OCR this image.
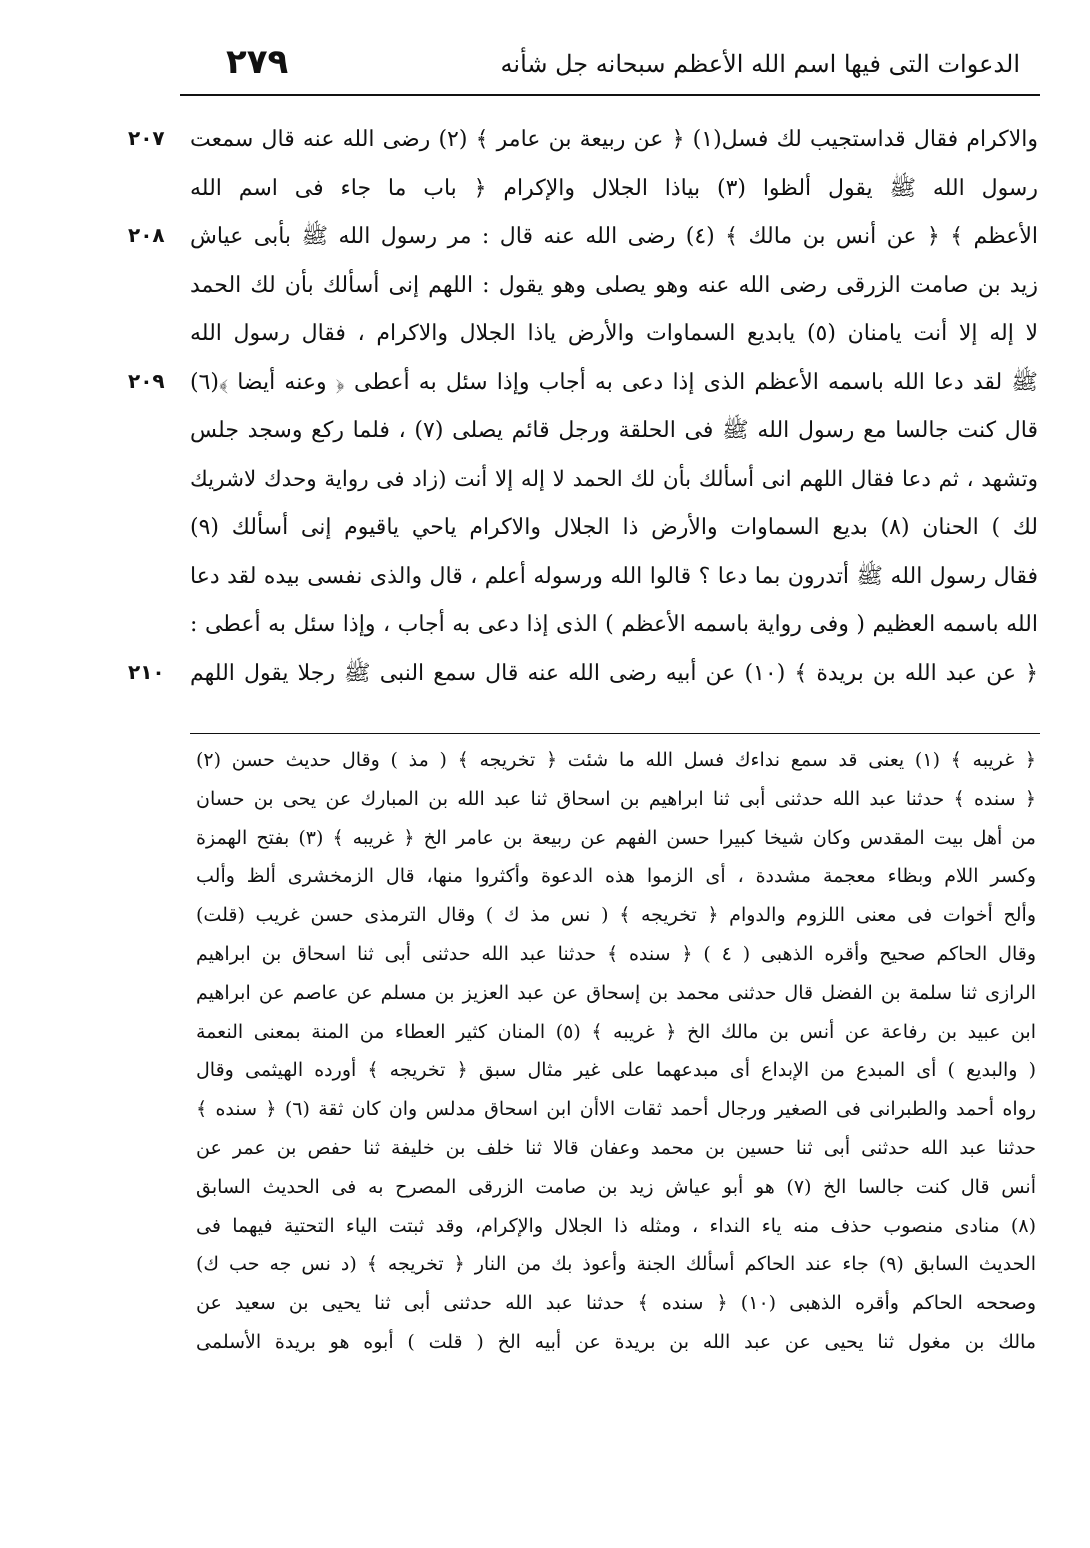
٢٧٩	الدعوات التى فيها اسم الله الأعظم سبحانه جل شأنه
٢٠٧
٢٠٨
٢٠٩
٢١٠
والاكرام فقال قداستجيب لك فسل(١) ﴿ عن ربيعة بن عامر ﴾ (٢) رضى الله عنه قال سمعت
رسول الله ﷺ يقول ألظوا (٣) بياذا الجلال والإكرام ﴿ باب ما جاء فى اسم الله
الأعظم ﴾ ﴿ عن أنس بن مالك ﴾ (٤) رضى الله عنه قال : مر رسول الله ﷺ بأبى عياش
زيد بن صامت الزرقى رضى الله عنه وهو يصلى وهو يقول : اللهم إنى أسألك بأن لك الحمد
لا إله إلا أنت يامنان (٥) يابديع السماوات والأرض ياذا الجلال والاكرام ، فقال رسول الله
ﷺ لقد دعا الله باسمه الأعظم الذى إذا دعى به أجاب وإذا سئل به أعطى ﴿ وعنه أيضا ﴾(٦)
قال كنت جالسا مع رسول الله ﷺ فى الحلقة ورجل قائم يصلى (٧) ، فلما ركع وسجد جلس
وتشهد ، ثم دعا فقال اللهم انى أسألك بأن لك الحمد لا إله إلا أنت (زاد فى رواية وحدك لاشريك
لك ) الحنان (٨) بديع السماوات والأرض ذا الجلال والاكرام ياحي ياقيوم إنى أسألك (٩)
فقال رسول الله ﷺ أتدرون بما دعا ؟ قالوا الله ورسوله أعلم ، قال والذى نفسى بيده لقد دعا
الله باسمه العظيم ( وفى رواية باسمه الأعظم ) الذى إذا دعى به أجاب ، وإذا سئل به أعطى :
﴿ عن عبد الله بن بريدة ﴾ (١٠) عن أبيه رضى الله عنه قال سمع النبى ﷺ رجلا يقول اللهم
﴿ غريبه ﴾ (١) يعنى قد سمع نداءك فسل الله ما شئت ﴿ تخريجه ﴾ ( مذ ) وقال حديث حسن (٢)
﴿ سنده ﴾ حدثنا عبد الله حدثنى أبى ثنا ابراهيم بن اسحاق ثنا عبد الله بن المبارك عن يحى بن حسان
من أهل بيت المقدس وكان شيخا كبيرا حسن الفهم عن ربيعة بن عامر الخ ﴿ غريبه ﴾ (٣) بفتح الهمزة
وكسر اللام وبظاء معجمة مشددة ، أى الزموا هذه الدعوة وأكثروا منها، قال الزمخشرى ألظ وألب
وألح أخوات فى معنى اللزوم والدوام ﴿ تخريجه ﴾ ( نس مذ ك ) وقال الترمذى حسن غريب (قلت)
وقال الحاكم صحيح وأقره الذهبى ( ٤ ) ﴿ سنده ﴾ حدثنا عبد الله حدثنى أبى ثنا اسحاق بن ابراهيم
الرازى ثنا سلمة بن الفضل قال حدثنى محمد بن إسحاق عن عبد العزيز بن مسلم عن عاصم عن ابراهيم
ابن عبيد بن رفاعة عن أنس بن مالك الخ ﴿ غريبه ﴾ (٥) المنان كثير العطاء من المنة بمعنى النعمة
( والبديع ) أى المبدع من الإبداع أى مبدعهما على غير مثال سبق ﴿ تخريجه ﴾ أورده الهيثمى وقال
رواه أحمد والطبرانى فى الصغير ورجال أحمد ثقات الاأن ابن اسحاق مدلس وان كان ثقة (٦) ﴿ سنده ﴾
حدثنا عبد الله حدثنى أبى ثنا حسين بن محمد وعفان قالا ثنا خلف بن خليفة ثنا حفص بن عمر عن
أنس قال كنت جالسا الخ (٧) هو أبو عياش زيد بن صامت الزرقى المصرح به فى الحديث السابق
(٨) منادى منصوب حذف منه ياء النداء ، ومثله ذا الجلال والإكرام، وقد ثبتت الياء التحتية فيهما فى
الحديث السابق (٩) جاء عند الحاكم أسألك الجنة وأعوذ بك من النار ﴿ تخريجه ﴾ (د نس جه حب ك)
وصححه الحاكم وأقره الذهبى (١٠) ﴿ سنده ﴾ حدثنا عبد الله حدثنى أبى ثنا يحيى بن سعيد عن
مالك بن مغول ثنا يحيى عن عبد الله بن بريدة عن أبيه الخ ( قلت ) أبوه هو بريدة الأسلمى
